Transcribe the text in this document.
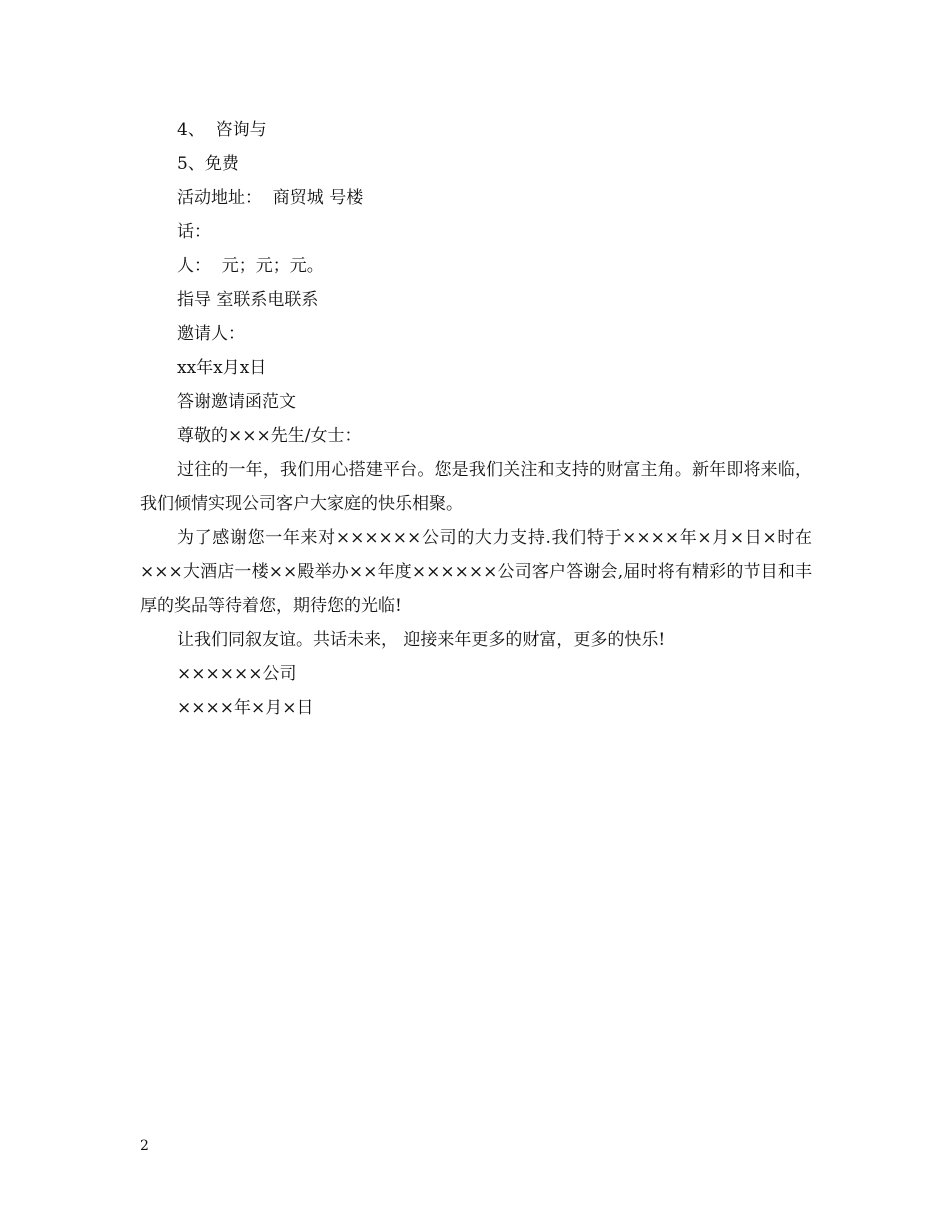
4、  咨询与
5、免费
活动地址：  商贸城 号楼
话：
人：  元；元；元。
指导 室联系电联系
邀请人：
xx年x月x日
答谢邀请函范文
尊敬的×××先生/女士：

过往的一年，我们用心搭建平台。您是我们关注和支持的财富主角。新年即将来临，我们倾情实现公司客户大家庭的快乐相聚。

为了感谢您一年来对××××××公司的大力支持.我们特于××××年×月×日×时在×××大酒店一楼××殿举办××年度××××××公司客户答谢会,届时将有精彩的节目和丰厚的奖品等待着您，期待您的光临!

让我们同叙友谊。共话未来， 迎接来年更多的财富，更多的快乐!

××××××公司
××××年×月×日
2
